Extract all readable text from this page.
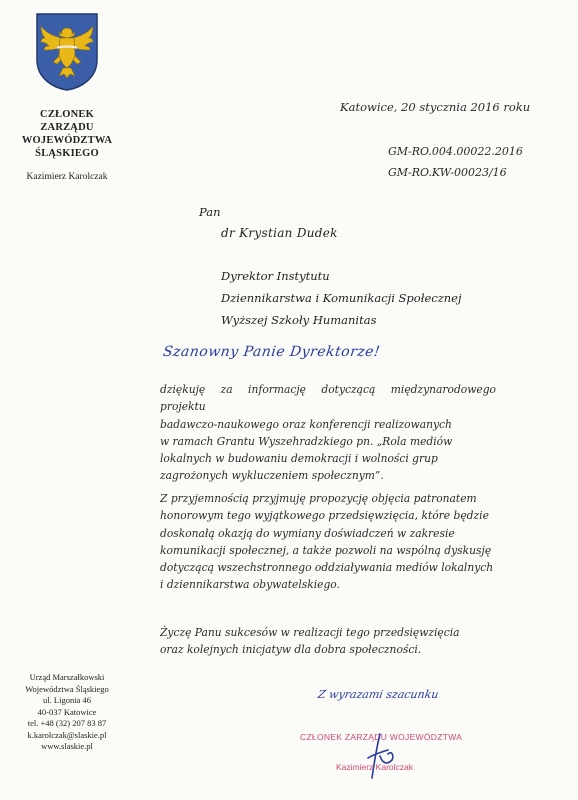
CZŁONEK ZARZĄDU
WOJEWÓDZTWA
ŚLĄSKIEGO
Kazimierz Karolczak
Katowice, 20 stycznia 2016 roku
GM-RO.004.00022.2016
GM-RO.KW-00023/16
Pan
dr Krystian Dudek
Dyrektor Instytutu
Dziennikarstwa i Komunikacji Społecznej
Wyższej Szkoły Humanitas
Szanowny Panie Dyrektorze!
dziękuję za informację dotyczącą międzynarodowego projektu
badawczo-naukowego oraz konferencji realizowanych
w ramach Grantu Wyszehradzkiego pn. „Rola mediów
lokalnych w budowaniu demokracji i wolności grup
zagrożonych wykluczeniem społecznym”.
Z przyjemnością przyjmuję propozycję objęcia patronatem
honorowym tego wyjątkowego przedsięwzięcia, które będzie
doskonałą okazją do wymiany doświadczeń w zakresie
komunikacji społecznej, a także pozwoli na wspólną dyskusję
dotyczącą wszechstronnego oddziaływania mediów lokalnych
i dziennikarstwa obywatelskiego.
Życzę Panu sukcesów w realizacji tego przedsięwzięcia
oraz kolejnych inicjatyw dla dobra społeczności.
Z wyrazami szacunku
CZŁONEK ZARZĄDU WOJEWÓDZTWA
Kazimierz Karolczak
Urząd Marszałkowski
Województwa Śląskiego
ul. Ligonia 46
40-037 Katowice
tel. +48 (32) 207 83 87
k.karolczak@slaskie.pl
www.slaskie.pl
